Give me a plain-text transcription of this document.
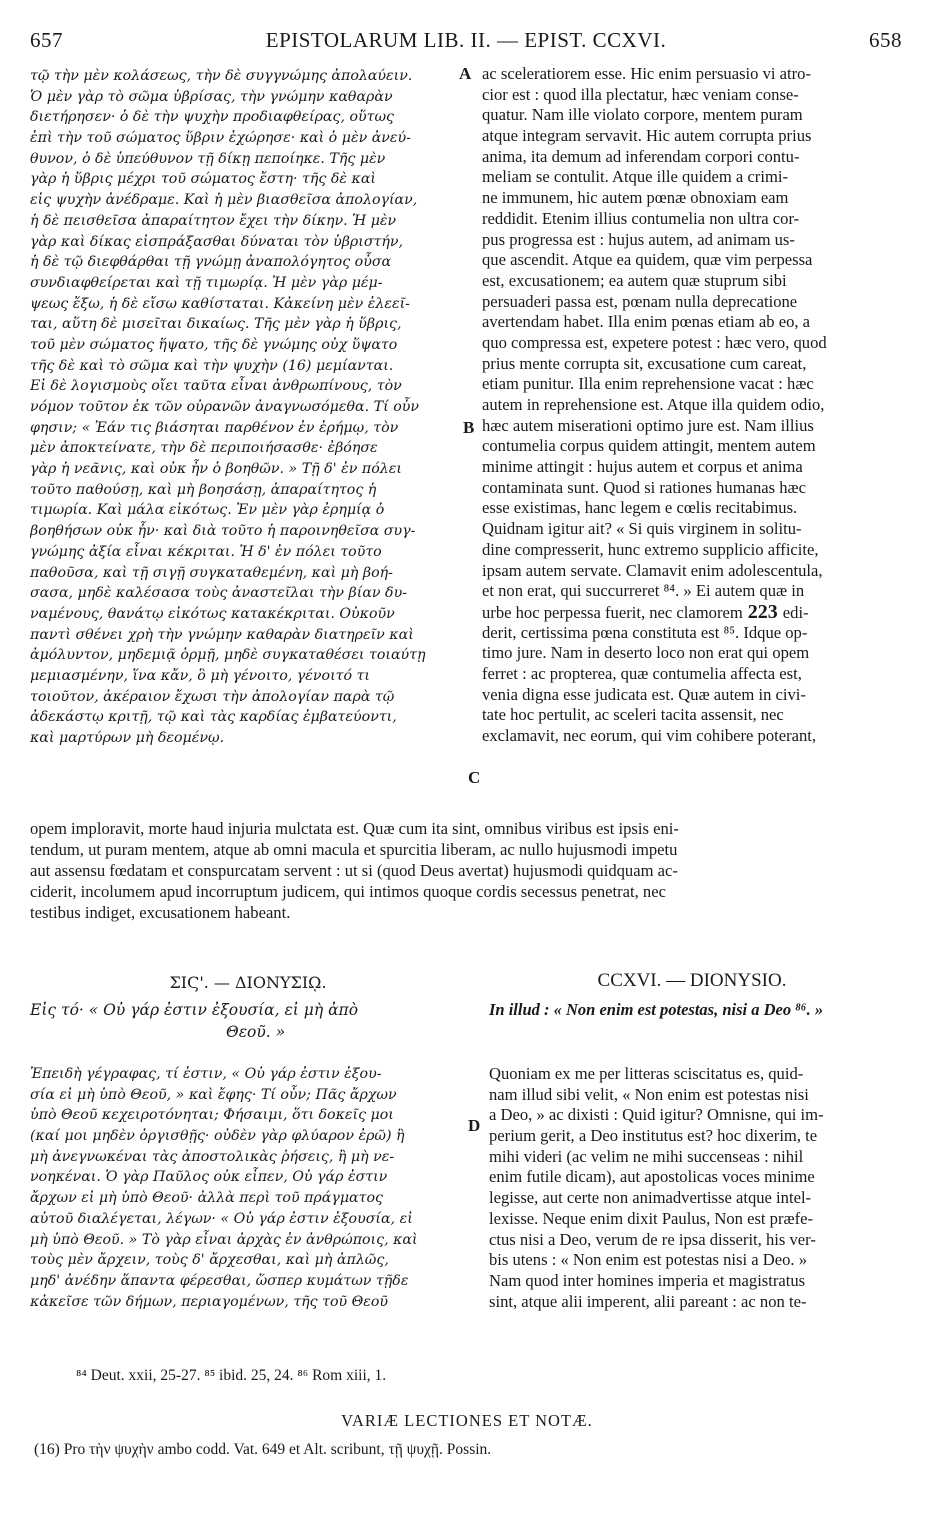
657	EPISTOLARUM LIB. II. — EPIST. CCXVI.	658
τῷ τὴν μὲν κολάσεως, τὴν δὲ συγγνώμης ἀπολαύειν.
Ὁ μὲν γὰρ τὸ σῶμα ὑβρίσας, τὴν γνώμην καθαρὰν
διετήρησεν· ὁ δὲ τὴν ψυχὴν προδιαφθείρας, οὕτως
ἐπὶ τὴν τοῦ σώματος ὕβριν ἐχώρησε· καὶ ὁ μὲν ἀνεύ-
θυνον, ὁ δὲ ὑπεύθυνον τῇ δίκῃ πεποίηκε. Τῆς μὲν
γὰρ ἡ ὕβρις μέχρι τοῦ σώματος ἔστη· τῆς δὲ καὶ
εἰς ψυχὴν ἀνέδραμε. Καὶ ἡ μὲν βιασθεῖσα ἀπολογίαν,
ἡ δὲ πεισθεῖσα ἀπαραίτητον ἔχει τὴν δίκην. Ἡ μὲν
γὰρ καὶ δίκας εἰσπράξασθαι δύναται τὸν ὑβριστήν,
ἡ δὲ τῷ διεφθάρθαι τῇ γνώμῃ ἀναπολόγητος οὖσα
συνδιαφθείρεται καὶ τῇ τιμωρίᾳ. Ἡ μὲν γὰρ μέμ-
ψεως ἔξω, ἡ δὲ εἴσω καθίσταται. Κἀκείνη μὲν ἐλεεῖ-
ται, αὕτη δὲ μισεῖται δικαίως. Τῆς μὲν γὰρ ἡ ὕβρις,
τοῦ μὲν σώματος ἥψατο, τῆς δὲ γνώμης οὐχ ὕψατο
τῆς δὲ καὶ τὸ σῶμα καὶ τὴν ψυχὴν (16) μεμίανται.
Εἰ δὲ λογισμοὺς οἴει ταῦτα εἶναι ἀνθρωπίνους, τὸν
νόμον τοῦτον ἐκ τῶν οὐρανῶν ἀναγνωσόμεθα. Τί οὖν
φησιν; « Ἐάν τις βιάσηται παρθένον ἐν ἐρήμῳ, τὸν
μὲν ἀποκτείνατε, τὴν δὲ περιποιήσασθε· ἐβόησε
γὰρ ἡ νεᾶνις, καὶ οὐκ ἦν ὁ βοηθῶν. » Τῇ δ' ἐν πόλει
τοῦτο παθούσῃ, καὶ μὴ βοησάσῃ, ἀπαραίτητος ἡ
τιμωρία. Καὶ μάλα εἰκότως. Ἐν μὲν γὰρ ἐρημίᾳ ὁ
βοηθήσων οὐκ ἦν· καὶ διὰ τοῦτο ἡ παροινηθεῖσα συγ-
γνώμης ἀξία εἶναι κέκριται. Ἡ δ' ἐν πόλει τοῦτο
παθοῦσα, καὶ τῇ σιγῇ συγκαταθεμένη, καὶ μὴ βοή-
σασα, μηδὲ καλέσασα τοὺς ἀναστεῖλαι τὴν βίαν δυ-
ναμένους, θανάτῳ εἰκότως κατακέκριται. Οὐκοῦν
παντὶ σθένει χρὴ τὴν γνώμην καθαρὰν διατηρεῖν καὶ
ἀμόλυντον, μηδεμιᾷ ὁρμῇ, μηδὲ συγκαταθέσει τοιαύτῃ
μεμιασμένην, ἵνα κἄν, ὃ μὴ γένοιτο, γένοιτό τι
τοιοῦτον, ἀκέραιον ἔχωσι τὴν ἀπολογίαν παρὰ τῷ
ἀδεκάστῳ κριτῇ, τῷ καὶ τὰς καρδίας ἐμβατεύοντι,
καὶ μαρτύρων μὴ δεομένῳ.
ac sceleratiorem esse. Hic enim persuasio vi atro-
cior est : quod illa plectatur, hæc veniam conse-
quatur. Nam ille violato corpore, mentem puram
atque integram servavit. Hic autem corrupta prius
anima, ita demum ad inferendam corpori contu-
meliam se contulit. Atque ille quidem a crimi-
ne immunem, hic autem pœnæ obnoxiam eam
reddidit. Etenim illius contumelia non ultra cor-
pus progressa est : hujus autem, ad animam us-
que ascendit. Atque ea quidem, quæ vim perpessa
est, excusationem; ea autem quæ stuprum sibi
persuaderi passa est, pœnam nulla deprecatione
avertendam habet. Illa enim pœnas etiam ab eo, a
quo compressa est, expetere potest : hæc vero, quod
prius mente corrupta sit, excusatione cum careat,
etiam punitur. Illa enim reprehensione vacat : hæc
autem in reprehensione est. Atque illa quidem odio,
hæc autem miserationi optimo jure est. Nam illius
contumelia corpus quidem attingit, mentem autem
minime attingit : hujus autem et corpus et anima
contaminata sunt. Quod si rationes humanas hæc
esse existimas, hanc legem e cœlis recitabimus.
Quidnam igitur ait? « Si quis virginem in solitu-
dine compresserit, hunc extremo supplicio afficite,
ipsam autem servate. Clamavit enim adolescentula,
et non erat, qui succurreret ⁸⁴. » Ei autem quæ in
urbe hoc perpessa fuerit, nec clamorem 223 edi-
derit, certissima pœna constituta est ⁸⁵. Idque op-
timo jure. Nam in deserto loco non erat qui opem
ferret : ac propterea, quæ contumelia affecta est,
venia digna esse judicata est. Quæ autem in civi-
tate hoc pertulit, ac sceleri tacita assensit, nec
exclamavit, nec eorum, qui vim cohibere poterant,
A
B
C
D
opem imploravit, morte haud injuria mulctata est. Quæ cum ita sint, omnibus viribus est ipsis eni-
tendum, ut puram mentem, atque ab omni macula et spurcitia liberam, ac nullo hujusmodi impetu
aut assensu fœdatam et conspurcatam servent : ut si (quod Deus avertat) hujusmodi quidquam ac-
ciderit, incolumem apud incorruptum judicem, qui intimos quoque cordis secessus penetrat, nec
testibus indiget, excusationem habeant.
ΣΙϚ'. — ΔΙΟΝΥΣΙῼ.	CCXVI. — DIONYSIO.
Εἰς τό· « Οὐ γάρ ἐστιν ἐξουσία, εἰ μὴ ἀπὸ
Θεοῦ. »
In illud : « Non enim est potestas, nisi a Deo ⁸⁶. »
Ἐπειδὴ γέγραφας, τί ἐστιν, « Οὐ γάρ ἐστιν ἐξου-
σία εἰ μὴ ὑπὸ Θεοῦ, » καὶ ἔφης· Τί οὖν; Πᾶς ἄρχων
ὑπὸ Θεοῦ κεχειροτόνηται; Φήσαιμι, ὅτι δοκεῖς μοι
(καί μοι μηδὲν ὀργισθῇς· οὐδὲν γὰρ φλύαρον ἐρῶ) ἢ
μὴ ἀνεγνωκέναι τὰς ἀποστολικὰς ῥήσεις, ἢ μὴ νε-
νοηκέναι. Ὁ γὰρ Παῦλος οὐκ εἶπεν, Οὐ γάρ ἐστιν
ἄρχων εἰ μὴ ὑπὸ Θεοῦ· ἀλλὰ περὶ τοῦ πράγματος
αὐτοῦ διαλέγεται, λέγων· « Οὐ γάρ ἐστιν ἐξουσία, εἰ
μὴ ὑπὸ Θεοῦ. » Τὸ γὰρ εἶναι ἀρχὰς ἐν ἀνθρώποις, καὶ
τοὺς μὲν ἄρχειν, τοὺς δ' ἄρχεσθαι, καὶ μὴ ἁπλῶς,
μηδ' ἀνέδην ἅπαντα φέρεσθαι, ὥσπερ κυμάτων τῇδε
κἀκεῖσε τῶν δήμων, περιαγομένων, τῆς τοῦ Θεοῦ
Quoniam ex me per litteras sciscitatus es, quid-
nam illud sibi velit, « Non enim est potestas nisi
a Deo, » ac dixisti : Quid igitur? Omnisne, qui im-
perium gerit, a Deo institutus est? hoc dixerim, te
mihi videri (ac velim ne mihi succenseas : nihil
enim futile dicam), aut apostolicas voces minime
legisse, aut certe non animadvertisse atque intel-
lexisse. Neque enim dixit Paulus, Non est præfe-
ctus nisi a Deo, verum de re ipsa disserit, his ver-
bis utens : « Non enim est potestas nisi a Deo. »
Nam quod inter homines imperia et magistratus
sint, atque alii imperent, alii pareant : ac non te-
⁸⁴ Deut. xxii, 25-27. ⁸⁵ ibid. 25, 24. ⁸⁶ Rom xiii, 1.
VARIÆ LECTIONES ET NOTÆ.
(16) Pro τὴν ψυχὴν ambo codd. Vat. 649 et Alt. scribunt, τῇ ψυχῇ. Possin.
